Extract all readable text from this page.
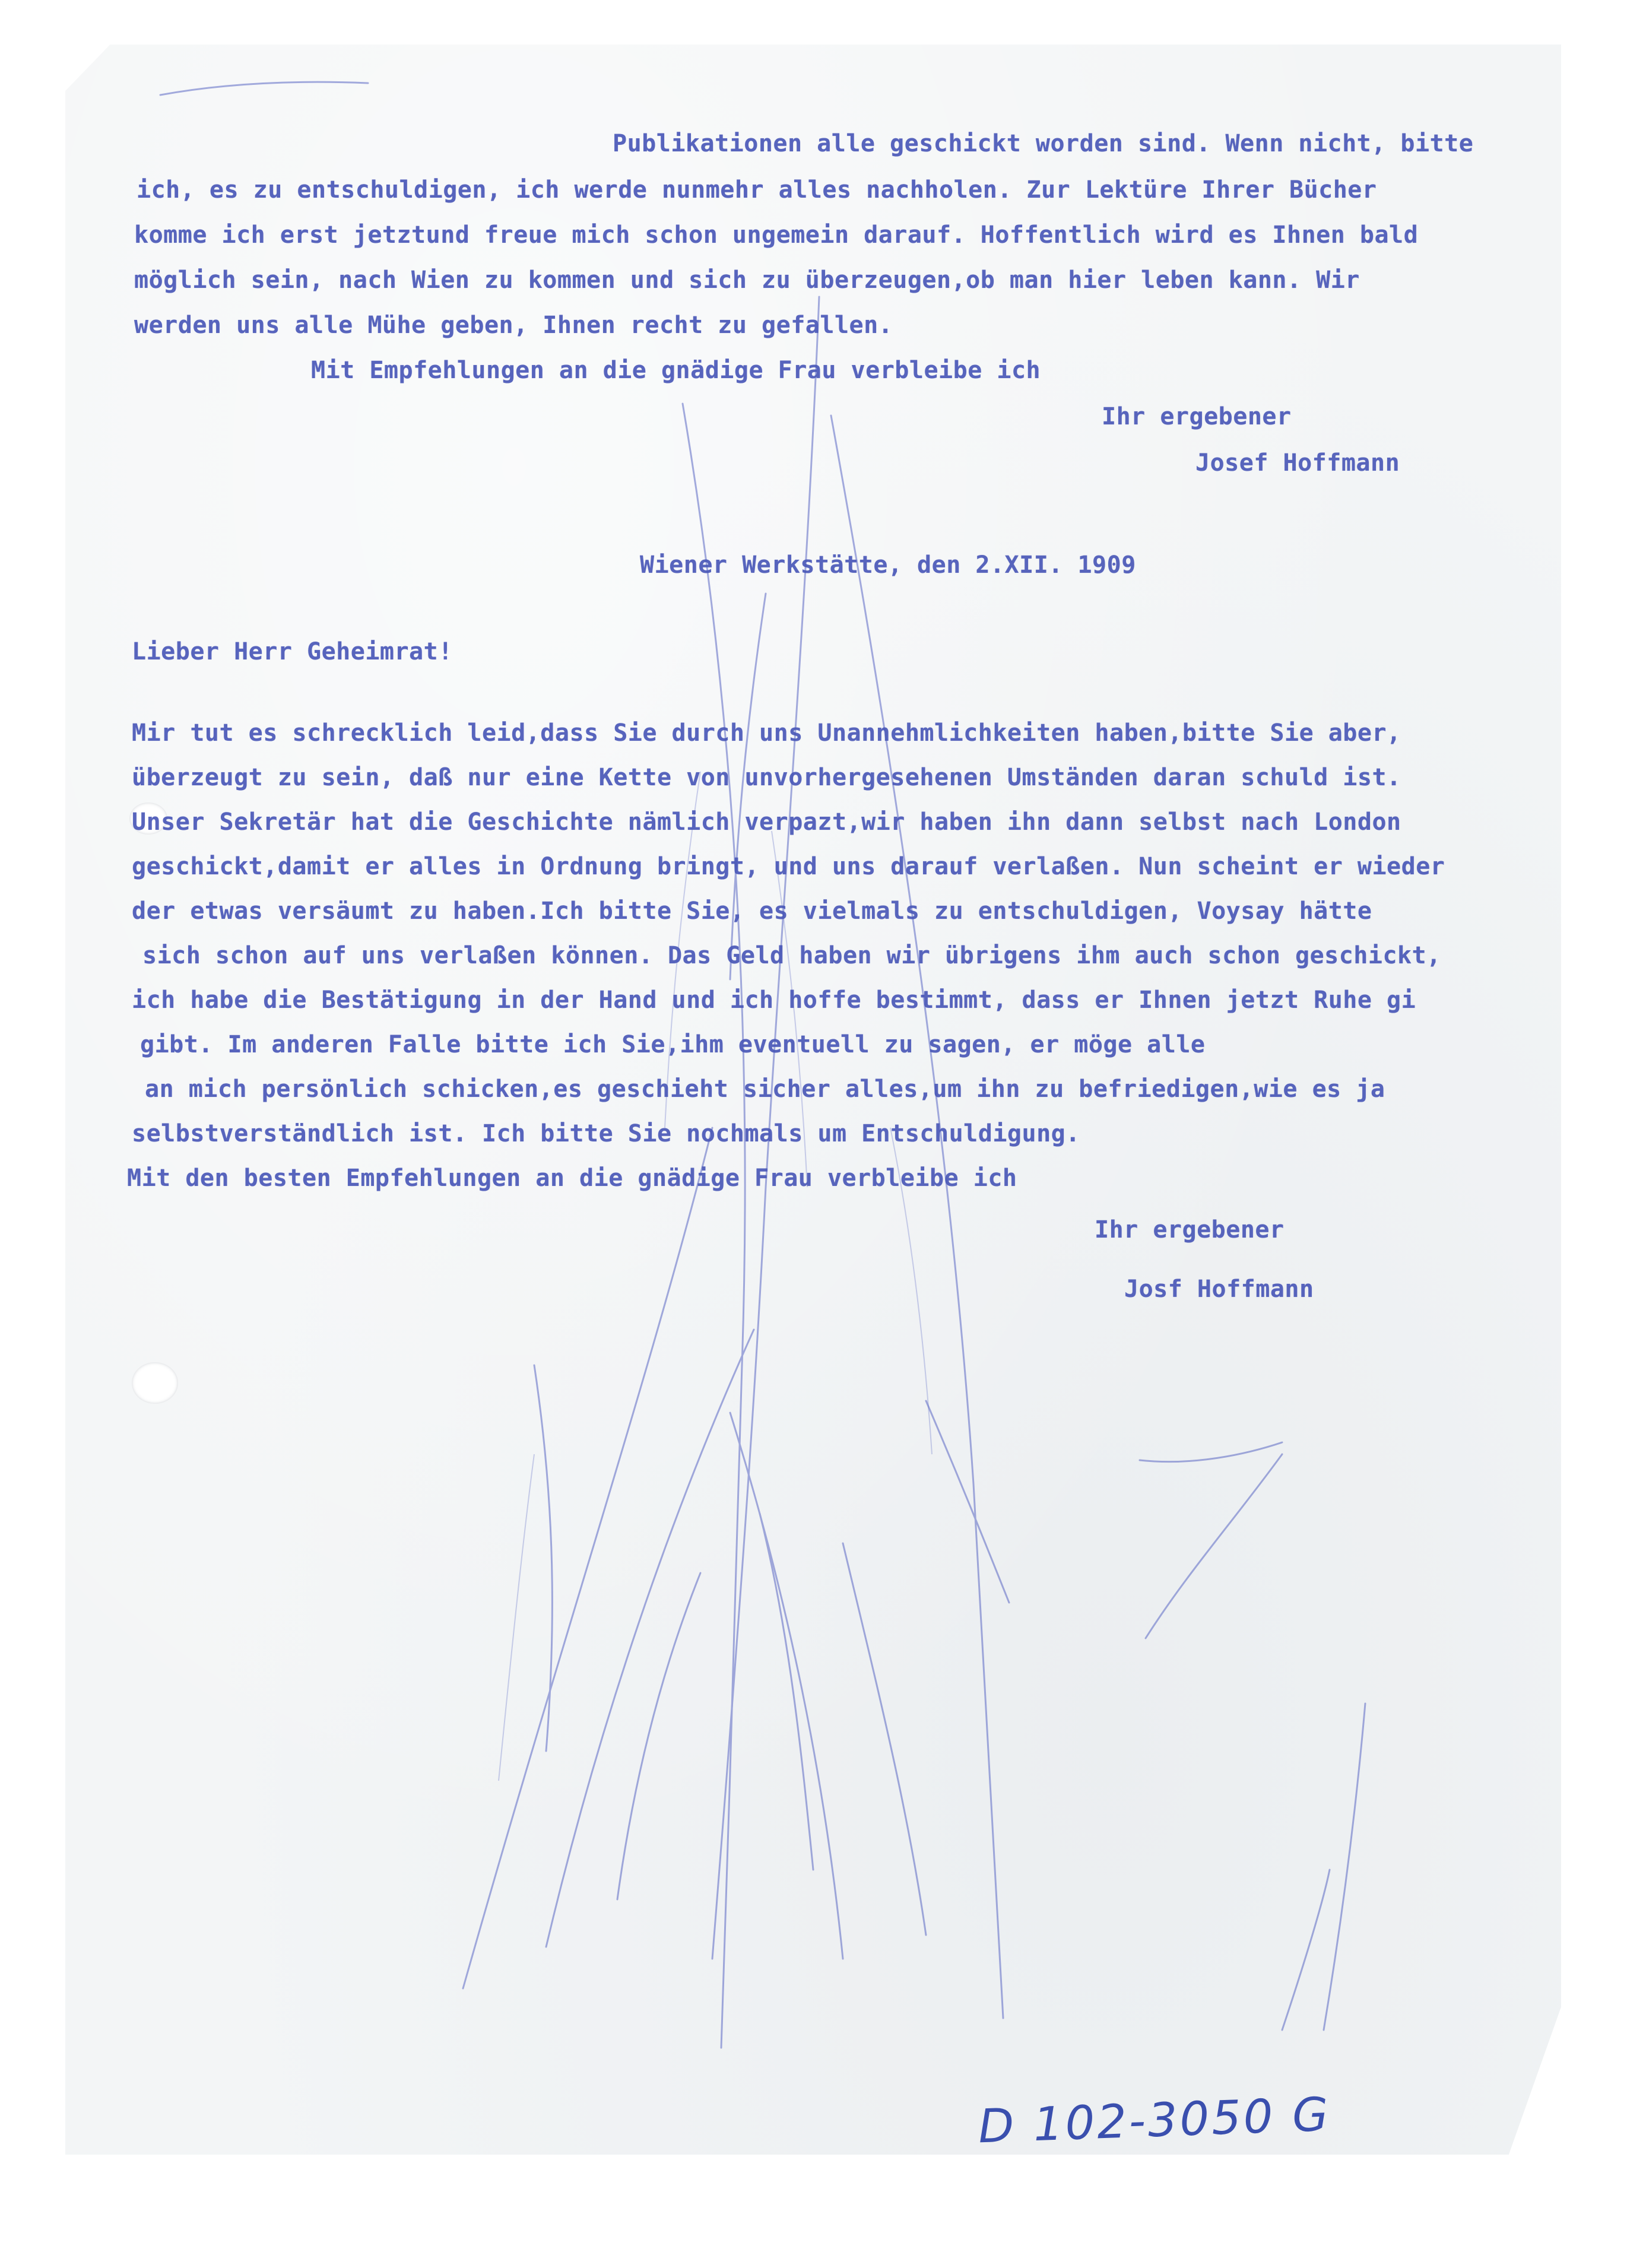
Publikationen alle geschickt worden sind. Wenn nicht, bitte
ich, es zu entschuldigen, ich werde nunmehr alles nachholen. Zur Lektüre Ihrer Bücher
komme ich erst jetztund freue mich schon ungemein darauf. Hoffentlich wird es Ihnen bald
möglich sein, nach Wien zu kommen und sich zu überzeugen,ob man hier leben kann. Wir
werden uns alle Mühe geben, Ihnen recht zu gefallen.
Mit Empfehlungen an die gnädige Frau verbleibe ich
Ihr ergebener
Josef Hoffmann
Wiener Werkstätte, den 2.XII. 1909
Lieber Herr Geheimrat!
Mir tut es schrecklich leid,dass Sie durch uns Unannehmlichkeiten haben,bitte Sie aber,
überzeugt zu sein, daß nur eine Kette von unvorhergesehenen Umständen daran schuld ist.
Unser Sekretär hat die Geschichte nämlich verpazt,wir haben ihn dann selbst nach London
geschickt,damit er alles in Ordnung bringt, und uns darauf verlaßen. Nun scheint er wieder
der etwas versäumt zu haben.Ich bitte Sie, es vielmals zu entschuldigen, Voysay hätte
sich schon auf uns verlaßen können. Das Geld haben wir übrigens ihm auch schon geschickt,
ich habe die Bestätigung in der Hand und ich hoffe bestimmt, dass er Ihnen jetzt Ruhe gi
gibt. Im anderen Falle bitte ich Sie,ihm eventuell zu sagen, er möge alle
an mich persönlich schicken,es geschieht sicher alles,um ihn zu befriedigen,wie es ja
selbstverständlich ist. Ich bitte Sie nochmals um Entschuldigung.
Mit den besten Empfehlungen an die gnädige Frau verbleibe ich
Ihr ergebener
Josf Hoffmann
D 102-3050 G
